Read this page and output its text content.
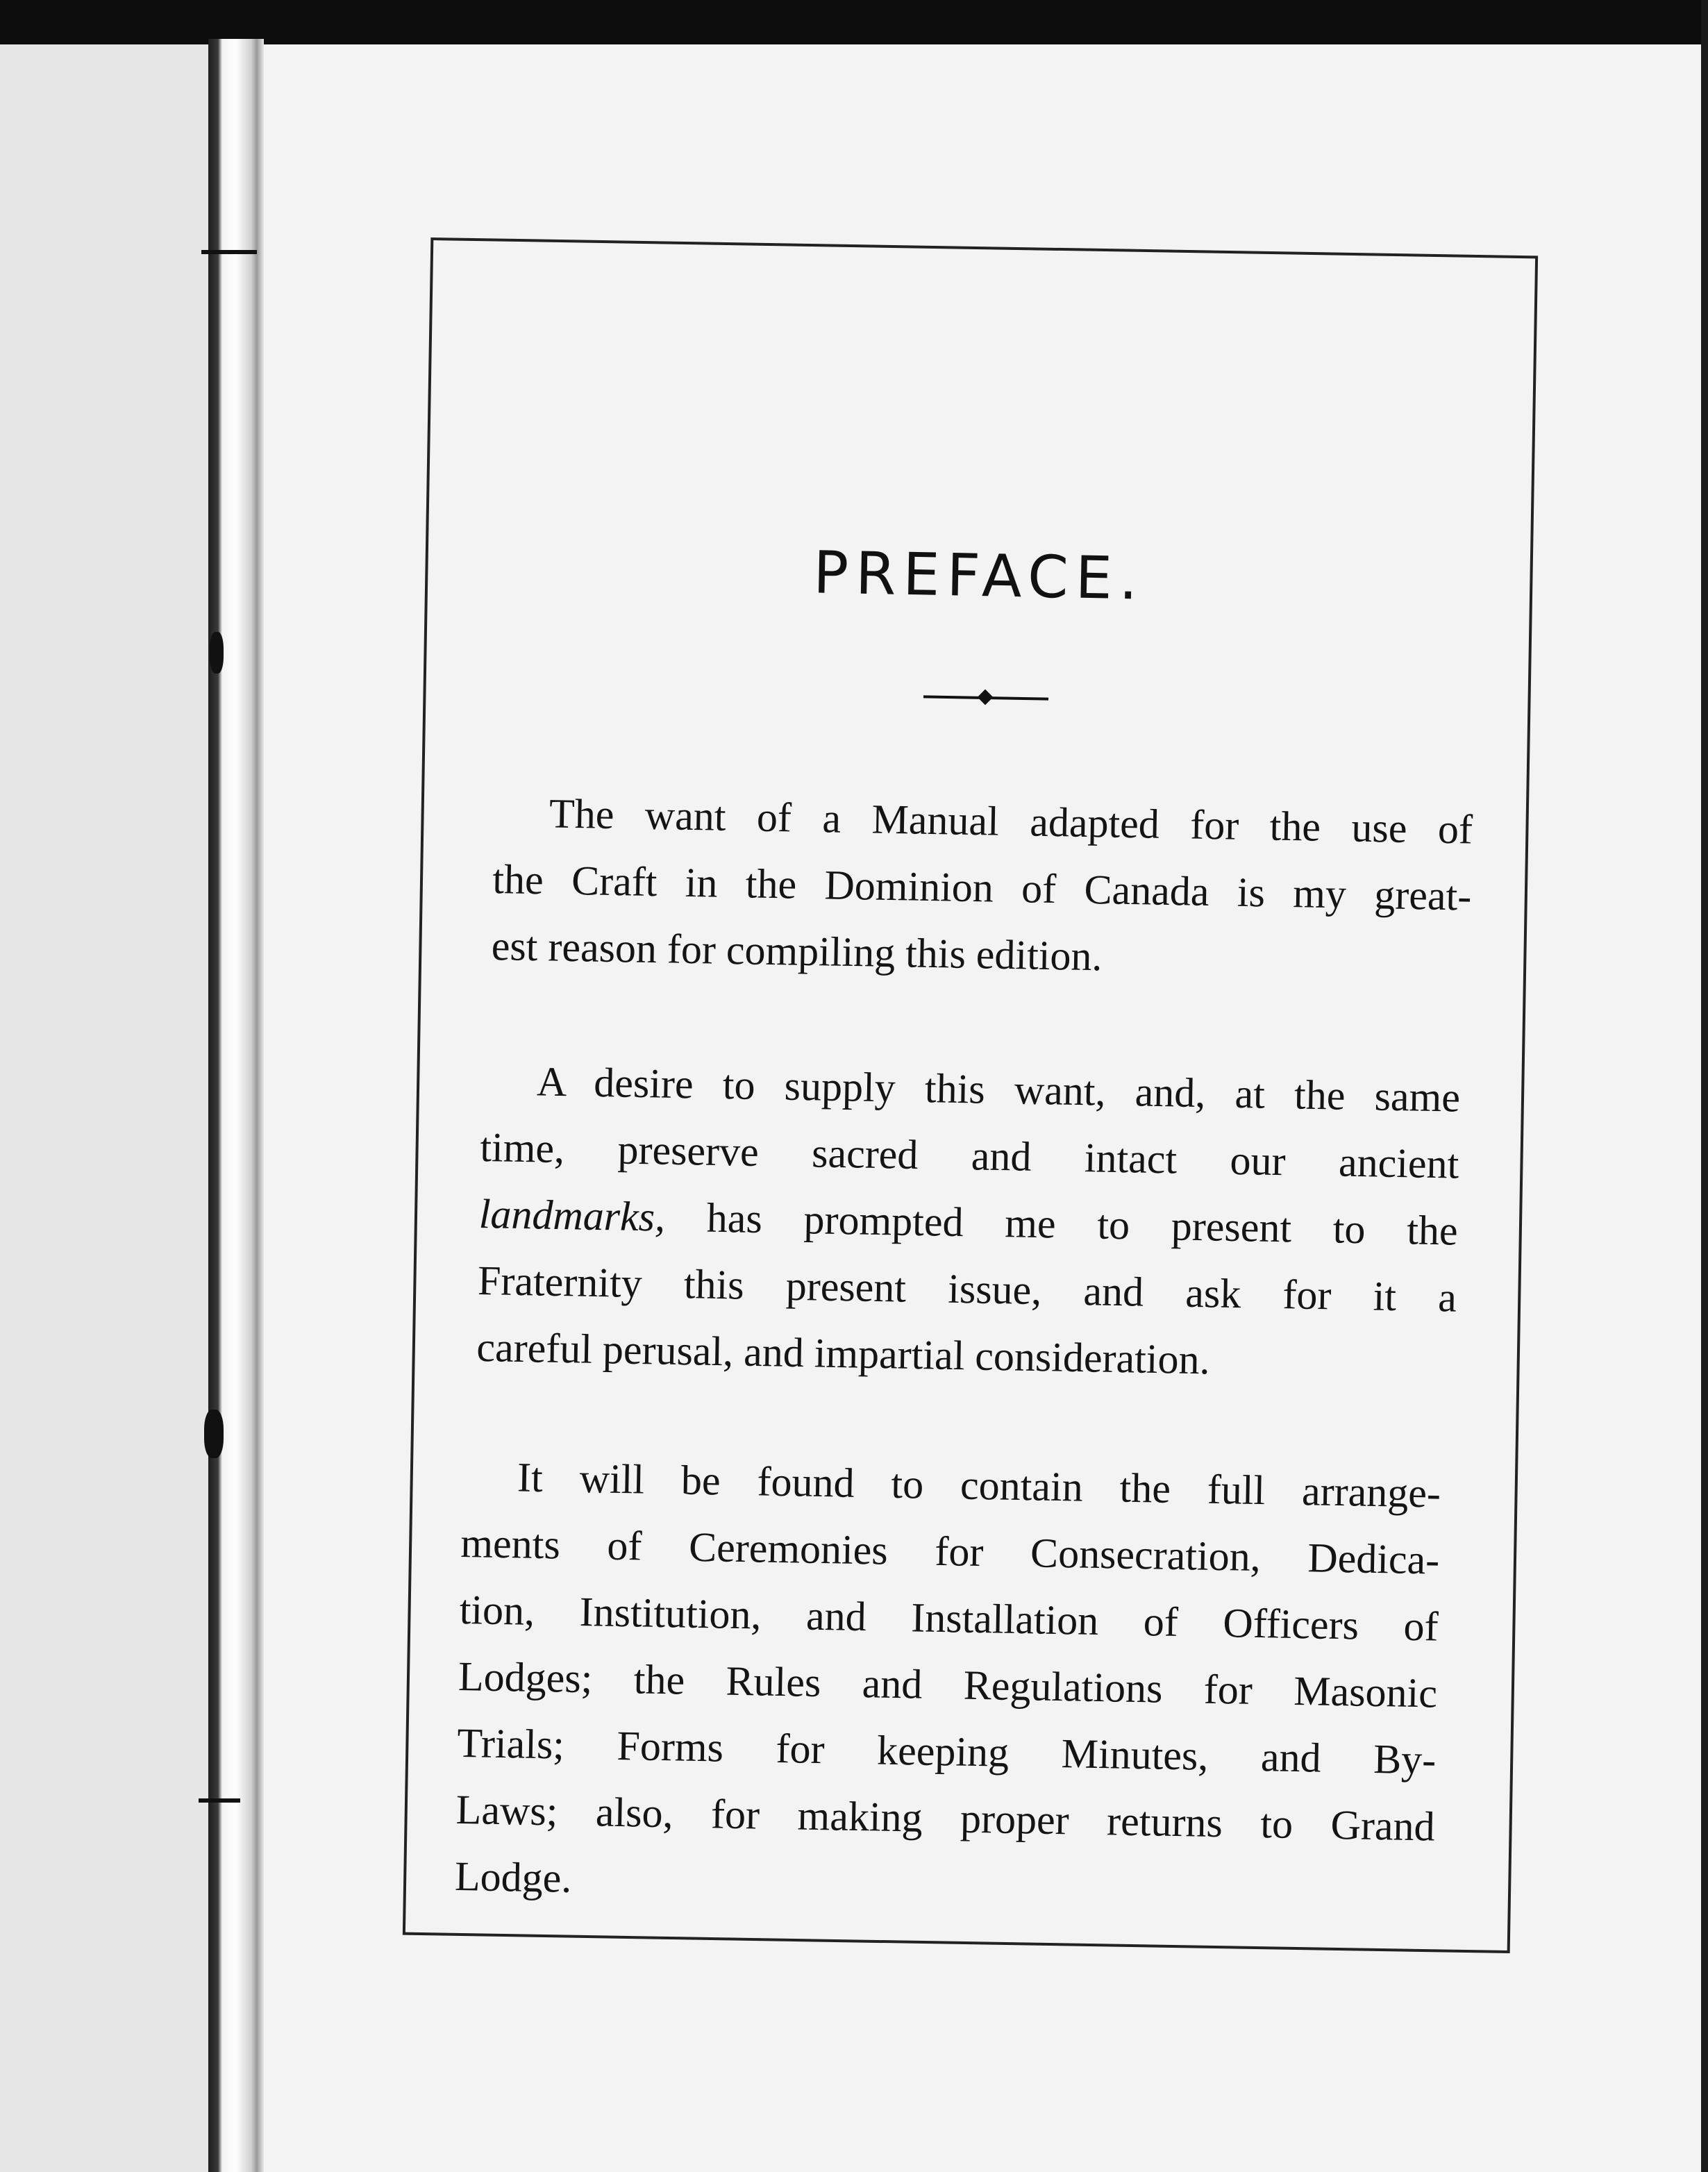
PREFACE.
The want of a Manual adapted for the use of
the Craft in the Dominion of Canada is my great-
est reason for compiling this edition.
A desire to supply this want, and, at the same
time, preserve sacred and intact our ancient
landmarks, has prompted me to present to the
Fraternity this present issue, and ask for it a
careful perusal, and impartial consideration.
It will be found to contain the full arrange-
ments of Ceremonies for Consecration, Dedica-
tion, Institution, and Installation of Officers of
Lodges; the Rules and Regulations for Masonic
Trials; Forms for keeping Minutes, and By-
Laws; also, for making proper returns to Grand
Lodge.
